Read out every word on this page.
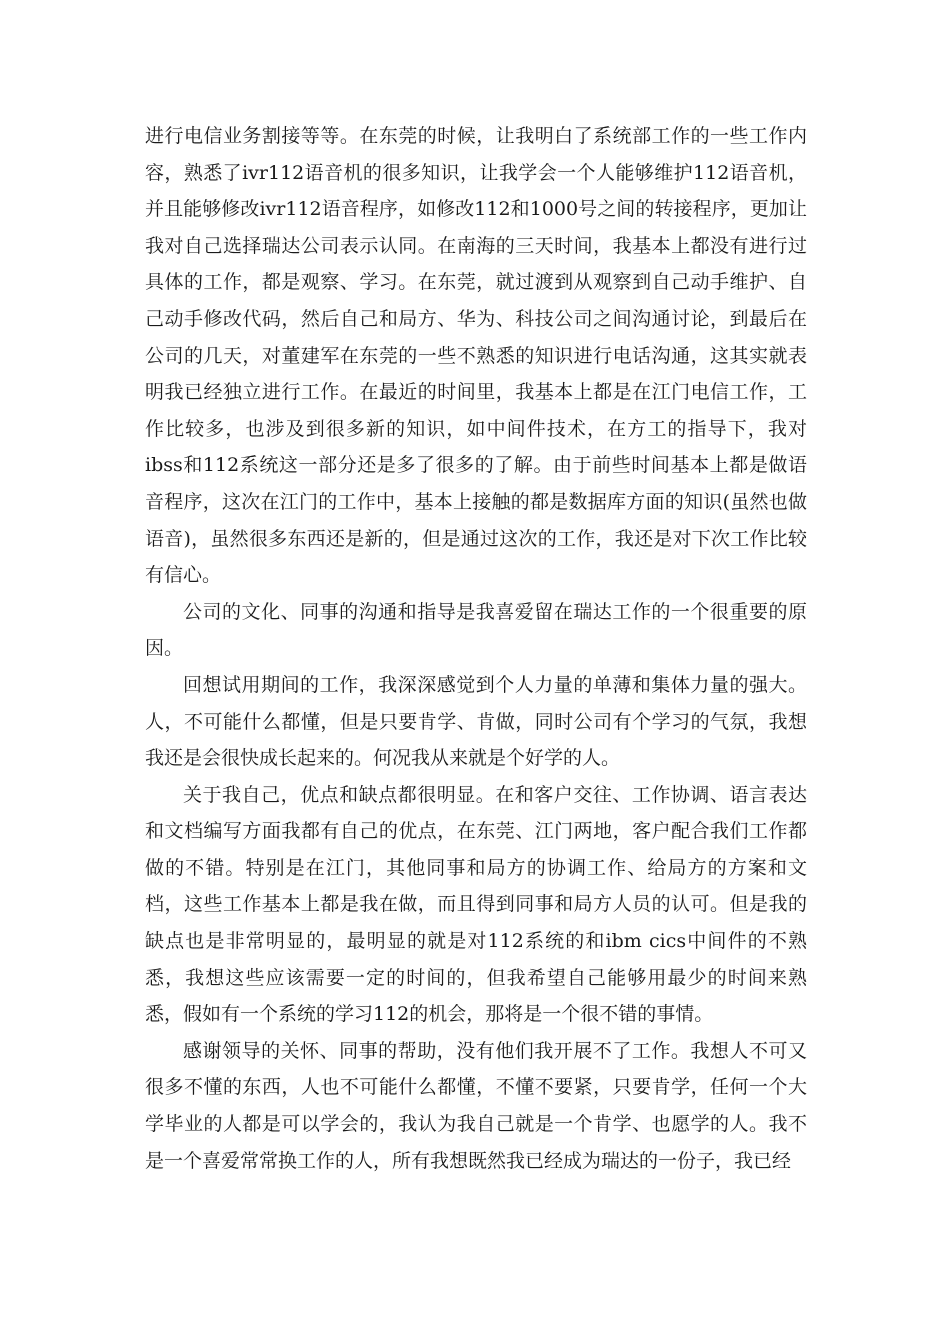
进行电信业务割接等等。在东莞的时候，让我明白了系统部工作的一些工作内容，熟悉了ivr112语音机的很多知识，让我学会一个人能够维护112语音机，并且能够修改ivr112语音程序，如修改112和1000号之间的转接程序，更加让我对自己选择瑞达公司表示认同。在南海的三天时间，我基本上都没有进行过具体的工作，都是观察、学习。在东莞，就过渡到从观察到自己动手维护、自己动手修改代码，然后自己和局方、华为、科技公司之间沟通讨论，到最后在公司的几天，对董建军在东莞的一些不熟悉的知识进行电话沟通，这其实就表明我已经独立进行工作。在最近的时间里，我基本上都是在江门电信工作，工作比较多，也涉及到很多新的知识，如中间件技术，在方工的指导下，我对ibss和112系统这一部分还是多了很多的了解。由于前些时间基本上都是做语音程序，这次在江门的工作中，基本上接触的都是数据库方面的知识(虽然也做语音)，虽然很多东西还是新的，但是通过这次的工作，我还是对下次工作比较有信心。

公司的文化、同事的沟通和指导是我喜爱留在瑞达工作的一个很重要的原因。

回想试用期间的工作，我深深感觉到个人力量的单薄和集体力量的强大。人，不可能什么都懂，但是只要肯学、肯做，同时公司有个学习的气氛，我想我还是会很快成长起来的。何况我从来就是个好学的人。

关于我自己，优点和缺点都很明显。在和客户交往、工作协调、语言表达和文档编写方面我都有自己的优点，在东莞、江门两地，客户配合我们工作都做的不错。特别是在江门，其他同事和局方的协调工作、给局方的方案和文档，这些工作基本上都是我在做，而且得到同事和局方人员的认可。但是我的缺点也是非常明显的，最明显的就是对112系统的和ibm cics中间件的不熟悉，我想这些应该需要一定的时间的，但我希望自己能够用最少的时间来熟悉，假如有一个系统的学习112的机会，那将是一个很不错的事情。

感谢领导的关怀、同事的帮助，没有他们我开展不了工作。我想人不可又很多不懂的东西，人也不可能什么都懂，不懂不要紧，只要肯学，任何一个大学毕业的人都是可以学会的，我认为我自己就是一个肯学、也愿学的人。我不是一个喜爱常常换工作的人，所有我想既然我已经成为瑞达的一份子，我已经
